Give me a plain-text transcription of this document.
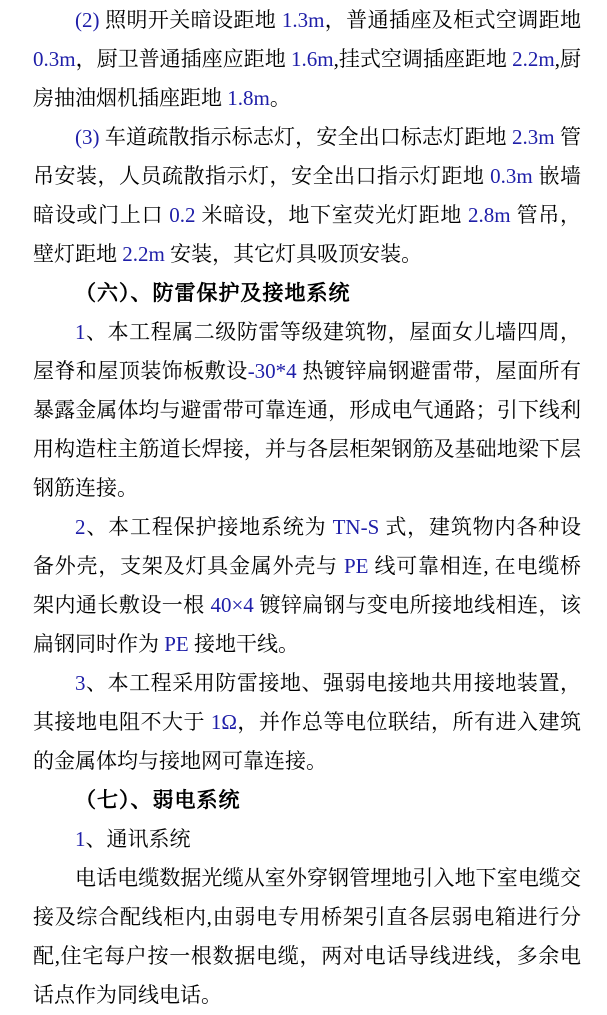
(2) 照明开关暗设距地 1.3m，普通插座及柜式空调距地 0.3m，厨卫普通插座应距地 1.6m,挂式空调插座距地 2.2m,厨房抽油烟机插座距地 1.8m。

(3) 车道疏散指示标志灯，安全出口标志灯距地 2.3m 管吊安装，人员疏散指示灯，安全出口指示灯距地 0.3m 嵌墙暗设或门上口 0.2 米暗设，地下室荧光灯距地 2.8m 管吊，壁灯距地 2.2m 安装，其它灯具吸顶安装。

（六）、防雷保护及接地系统

1、本工程属二级防雷等级建筑物，屋面女儿墙四周，屋脊和屋顶装饰板敷设-30*4 热镀锌扁钢避雷带，屋面所有暴露金属体均与避雷带可靠连通，形成电气通路；引下线利用构造柱主筋道长焊接，并与各层柜架钢筋及基础地梁下层钢筋连接。

2、本工程保护接地系统为 TN-S 式，建筑物内各种设备外壳，支架及灯具金属外壳与 PE 线可靠相连, 在电缆桥架内通长敷设一根 40×4 镀锌扁钢与变电所接地线相连，该扁钢同时作为 PE 接地干线。

3、本工程采用防雷接地、强弱电接地共用接地装置，其接地电阻不大于 1Ω，并作总等电位联结，所有进入建筑的金属体均与接地网可靠连接。

（七）、弱电系统

1、通讯系统

电话电缆数据光缆从室外穿钢管埋地引入地下室电缆交接及综合配线柜内,由弱电专用桥架引直各层弱电箱进行分配,住宅每户按一根数据电缆，两对电话导线进线，多余电话点作为同线电话。
